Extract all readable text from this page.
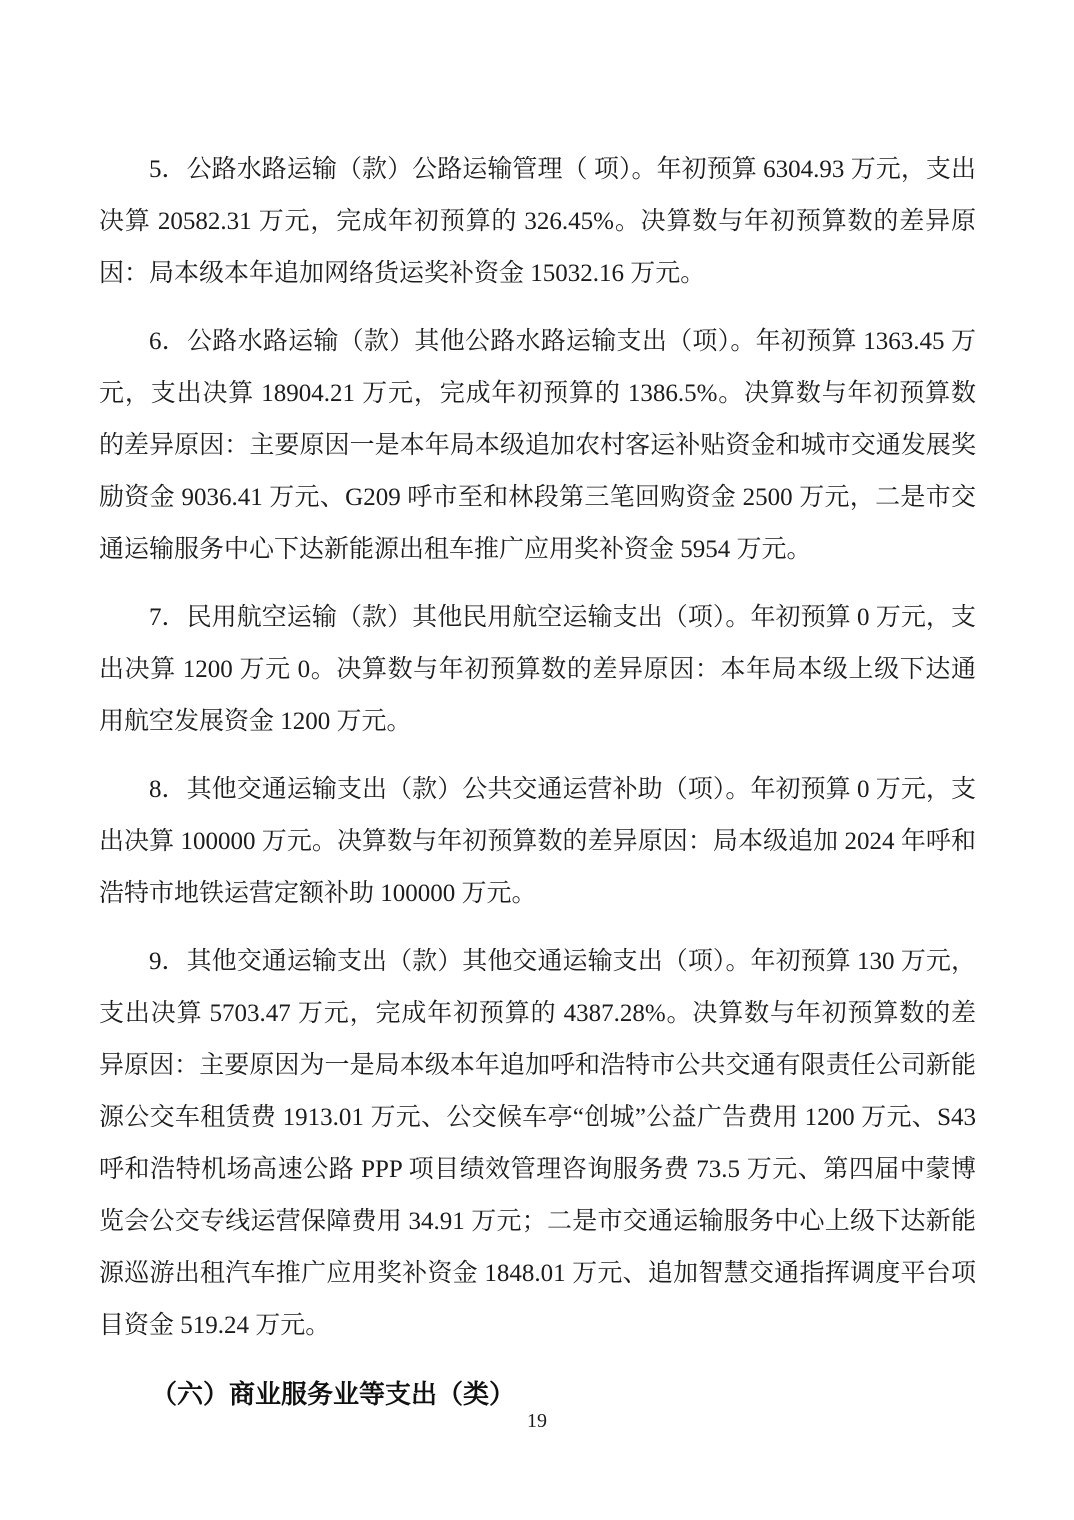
5．公路水路运输（款）公路运输管理（ 项）。年初预算 6304.93 万元，支出决算 20582.31 万元，完成年初预算的 326.45%。决算数与年初预算数的差异原因：局本级本年追加网络货运奖补资金 15032.16 万元。

6．公路水路运输（款）其他公路水路运输支出（项）。年初预算 1363.45 万元，支出决算 18904.21 万元，完成年初预算的 1386.5%。决算数与年初预算数的差异原因：主要原因一是本年局本级追加农村客运补贴资金和城市交通发展奖励资金 9036.41 万元、G209 呼市至和林段第三笔回购资金 2500 万元，二是市交通运输服务中心下达新能源出租车推广应用奖补资金 5954 万元。

7．民用航空运输（款）其他民用航空运输支出（项）。年初预算 0 万元，支出决算 1200 万元 0。决算数与年初预算数的差异原因：本年局本级上级下达通用航空发展资金 1200 万元。

8．其他交通运输支出（款）公共交通运营补助（项）。年初预算 0 万元，支出决算 100000 万元。决算数与年初预算数的差异原因：局本级追加 2024 年呼和浩特市地铁运营定额补助 100000 万元。

9．其他交通运输支出（款）其他交通运输支出（项）。年初预算 130 万元，支出决算 5703.47 万元，完成年初预算的 4387.28%。决算数与年初预算数的差异原因：主要原因为一是局本级本年追加呼和浩特市公共交通有限责任公司新能源公交车租赁费 1913.01 万元、公交候车亭“创城”公益广告费用 1200 万元、S43 呼和浩特机场高速公路 PPP 项目绩效管理咨询服务费 73.5 万元、第四届中蒙博览会公交专线运营保障费用 34.91 万元；二是市交通运输服务中心上级下达新能源巡游出租汽车推广应用奖补资金 1848.01 万元、追加智慧交通指挥调度平台项目资金 519.24 万元。

（六）商业服务业等支出（类）
19
